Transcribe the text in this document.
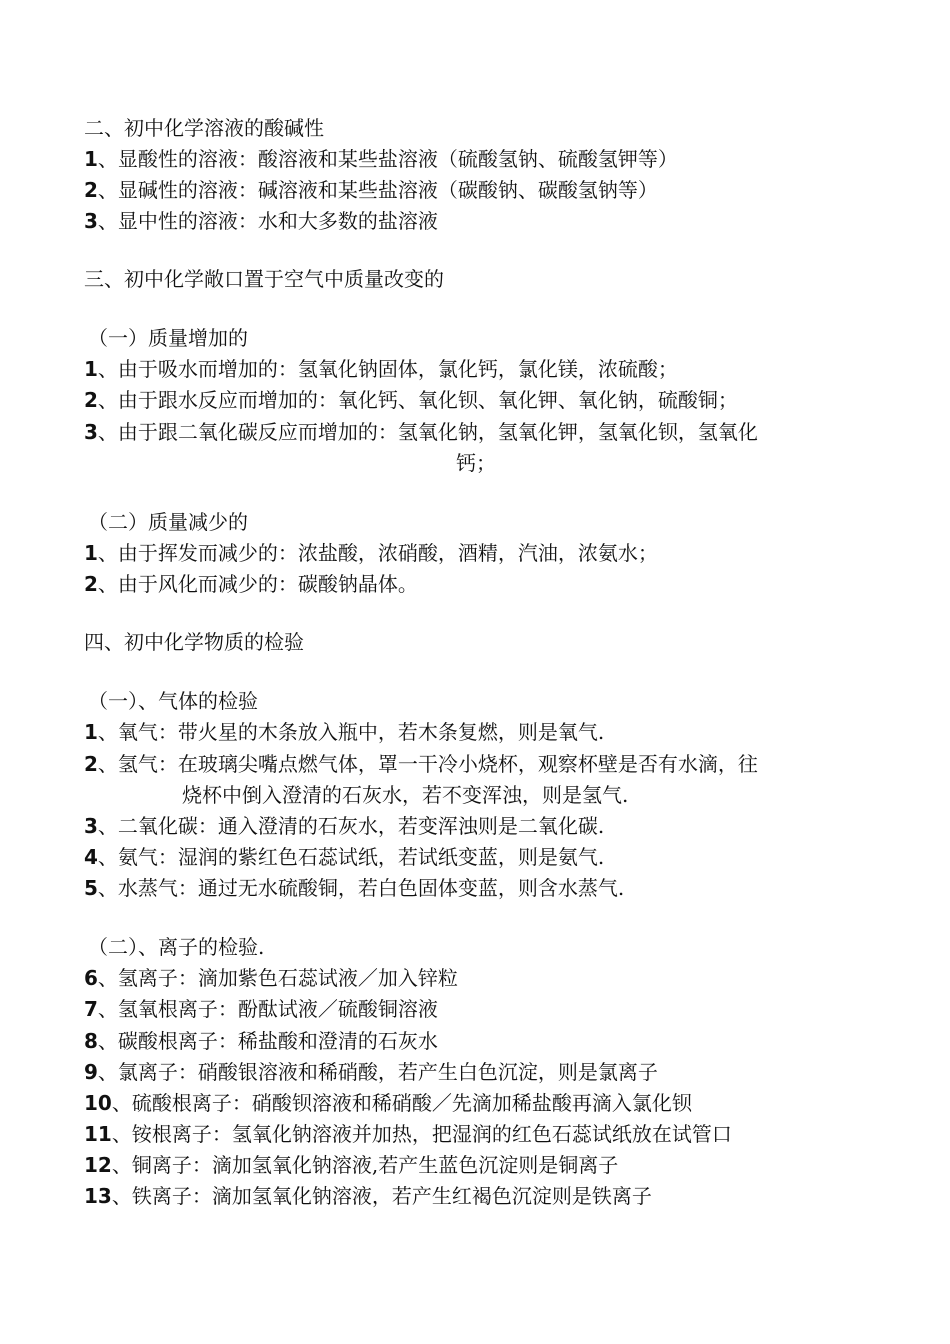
二、初中化学溶液的酸碱性
1、显酸性的溶液：酸溶液和某些盐溶液（硫酸氢钠、硫酸氢钾等）
2、显碱性的溶液：碱溶液和某些盐溶液（碳酸钠、碳酸氢钠等）
3、显中性的溶液：水和大多数的盐溶液
三、初中化学敞口置于空气中质量改变的
（一）质量增加的
1、由于吸水而增加的：氢氧化钠固体，氯化钙，氯化镁，浓硫酸；
2、由于跟水反应而增加的：氧化钙、氧化钡、氧化钾、氧化钠，硫酸铜；
3、由于跟二氧化碳反应而增加的：氢氧化钠，氢氧化钾，氢氧化钡，氢氧化
钙；
（二）质量减少的
1、由于挥发而减少的：浓盐酸，浓硝酸，酒精，汽油，浓氨水；
2、由于风化而减少的：碳酸钠晶体。
四、初中化学物质的检验
（一）、气体的检验
1、氧气：带火星的木条放入瓶中，若木条复燃，则是氧气.
2、氢气：在玻璃尖嘴点燃气体，罩一干冷小烧杯，观察杯壁是否有水滴，往
烧杯中倒入澄清的石灰水，若不变浑浊，则是氢气.
3、二氧化碳：通入澄清的石灰水，若变浑浊则是二氧化碳.
4、氨气：湿润的紫红色石蕊试纸，若试纸变蓝，则是氨气.
5、水蒸气：通过无水硫酸铜，若白色固体变蓝，则含水蒸气.
（二）、离子的检验.
6、氢离子：滴加紫色石蕊试液／加入锌粒
7、氢氧根离子：酚酞试液／硫酸铜溶液
8、碳酸根离子：稀盐酸和澄清的石灰水
9、氯离子：硝酸银溶液和稀硝酸，若产生白色沉淀，则是氯离子
10、硫酸根离子：硝酸钡溶液和稀硝酸／先滴加稀盐酸再滴入氯化钡
11、铵根离子：氢氧化钠溶液并加热，把湿润的红色石蕊试纸放在试管口
12、铜离子：滴加氢氧化钠溶液,若产生蓝色沉淀则是铜离子
13、铁离子：滴加氢氧化钠溶液，若产生红褐色沉淀则是铁离子
